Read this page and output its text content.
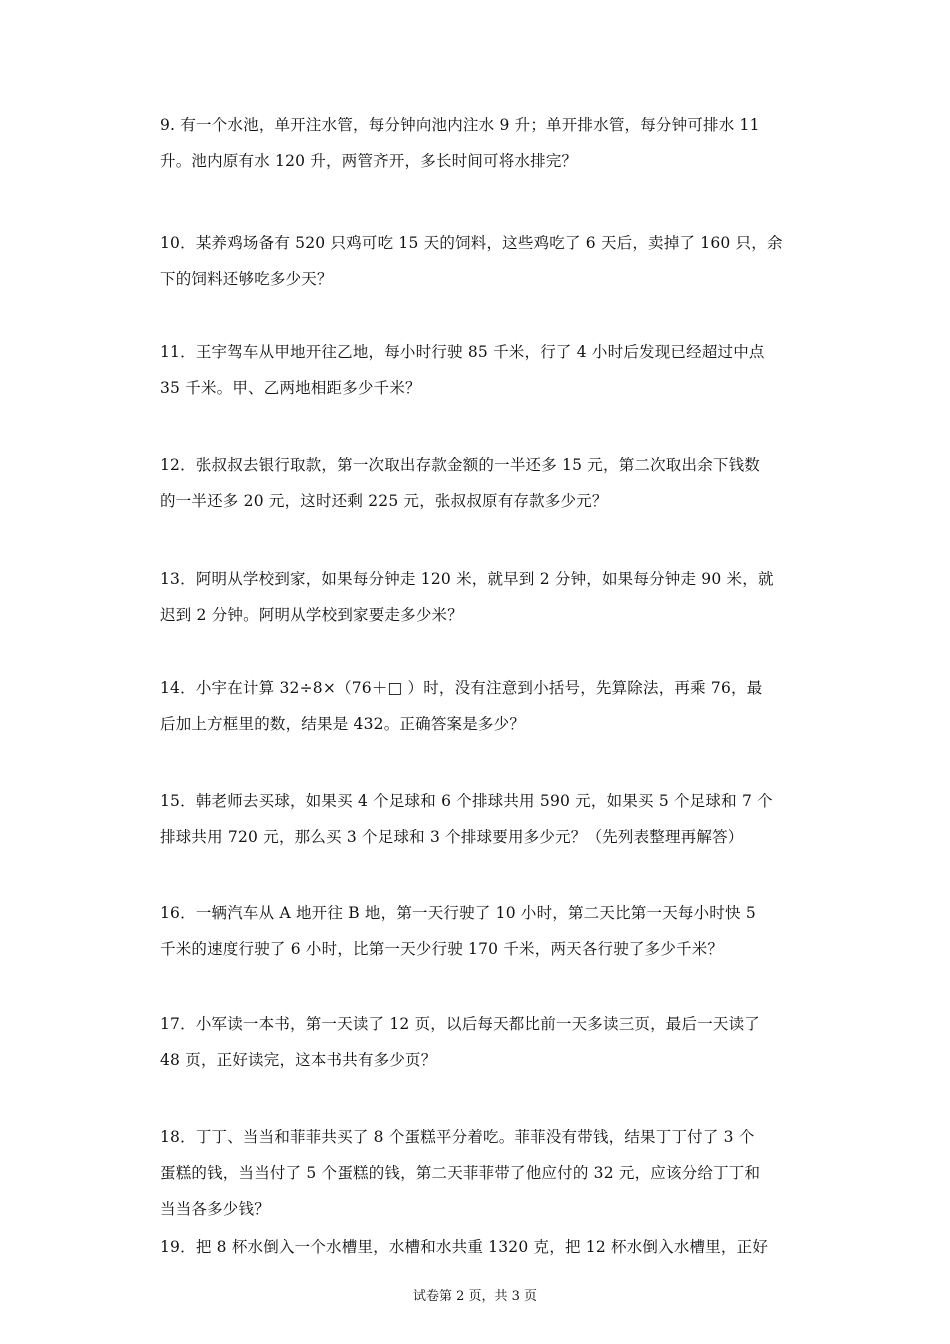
9. 有一个水池，单开注水管，每分钟向池内注水 9 升；单开排水管，每分钟可排水 11

升。池内原有水 120 升，两管齐开，多长时间可将水排完？

10．某养鸡场备有 520 只鸡可吃 15 天的饲料，这些鸡吃了 6 天后，卖掉了 160 只，余

下的饲料还够吃多少天？

11．王宇驾车从甲地开往乙地，每小时行驶 85 千米，行了 4 小时后发现已经超过中点

35 千米。甲、乙两地相距多少千米？

12．张叔叔去银行取款，第一次取出存款金额的一半还多 15 元，第二次取出余下钱数

的一半还多 20 元，这时还剩 225 元，张叔叔原有存款多少元？

13．阿明从学校到家，如果每分钟走 120 米，就早到 2 分钟，如果每分钟走 90 米，就

迟到 2 分钟。阿明从学校到家要走多少米？

14．小宇在计算 32÷8×（76＋□ ）时，没有注意到小括号，先算除法，再乘 76，最

后加上方框里的数，结果是 432。正确答案是多少？

15．韩老师去买球，如果买 4 个足球和 6 个排球共用 590 元，如果买 5 个足球和 7 个

排球共用 720 元，那么买 3 个足球和 3 个排球要用多少元？（先列表整理再解答）

16．一辆汽车从 A 地开往 B 地，第一天行驶了 10 小时，第二天比第一天每小时快 5

千米的速度行驶了 6 小时，比第一天少行驶 170 千米，两天各行驶了多少千米？

17．小军读一本书，第一天读了 12 页，以后每天都比前一天多读三页，最后一天读了

48 页，正好读完，这本书共有多少页？

18．丁丁、当当和菲菲共买了 8 个蛋糕平分着吃。菲菲没有带钱，结果丁丁付了 3 个

蛋糕的钱，当当付了 5 个蛋糕的钱，第二天菲菲带了他应付的 32 元，应该分给丁丁和

当当各多少钱？

19．把 8 杯水倒入一个水槽里，水槽和水共重 1320 克，把 12 杯水倒入水槽里，正好

试卷第 2 页，共 3 页
